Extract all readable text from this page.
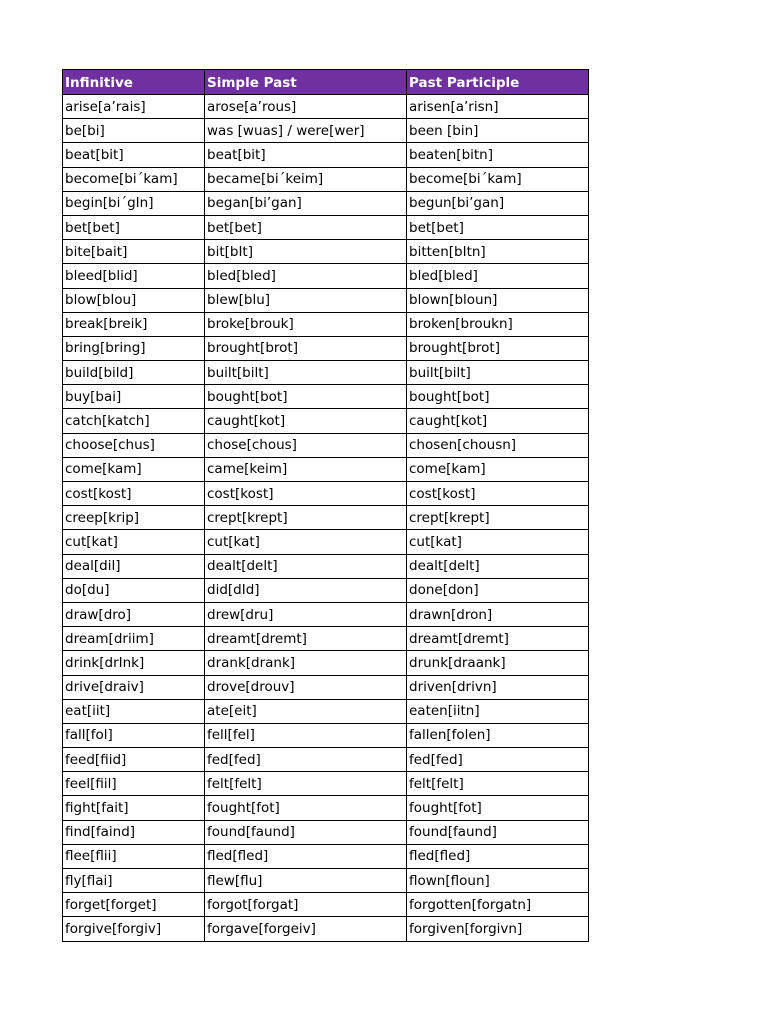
Infinitive	Simple Past	Past Participle
arise[a’rais]	arose[a’rous]	arisen[a’risn]
be[bi]	was [wuas] / were[wer]	been [bin]
beat[bit]	beat[bit]	beaten[bitn]
become[bi´kam]	became[bi´keim]	become[bi´kam]
begin[bi´gIn]	began[bi’gan]	begun[bi’gan]
bet[bet]	bet[bet]	bet[bet]
bite[bait]	bit[bIt]	bitten[bItn]
bleed[blid]	bled[bled]	bled[bled]
blow[blou]	blew[blu]	blown[bloun]
break[breik]	broke[brouk]	broken[broukn]
bring[bring]	brought[brot]	brought[brot]
build[bild]	built[bilt]	built[bilt]
buy[bai]	bought[bot]	bought[bot]
catch[katch]	caught[kot]	caught[kot]
choose[chus]	chose[chous]	chosen[chousn]
come[kam]	came[keim]	come[kam]
cost[kost]	cost[kost]	cost[kost]
creep[krip]	crept[krept]	crept[krept]
cut[kat]	cut[kat]	cut[kat]
deal[dil]	dealt[delt]	dealt[delt]
do[du]	did[dId]	done[don]
draw[dro]	drew[dru]	drawn[dron]
dream[driim]	dreamt[dremt]	dreamt[dremt]
drink[drInk]	drank[drank]	drunk[draank]
drive[draiv]	drove[drouv]	driven[drivn]
eat[iit]	ate[eit]	eaten[iitn]
fall[fol]	fell[fel]	fallen[folen]
feed[fiid]	fed[fed]	fed[fed]
feel[fiil]	felt[felt]	felt[felt]
fight[fait]	fought[fot]	fought[fot]
find[faind]	found[faund]	found[faund]
flee[flii]	fled[fled]	fled[fled]
fly[flai]	flew[flu]	flown[floun]
forget[forget]	forgot[forgat]	forgotten[forgatn]
forgive[forgiv]	forgave[forgeiv]	forgiven[forgivn]
